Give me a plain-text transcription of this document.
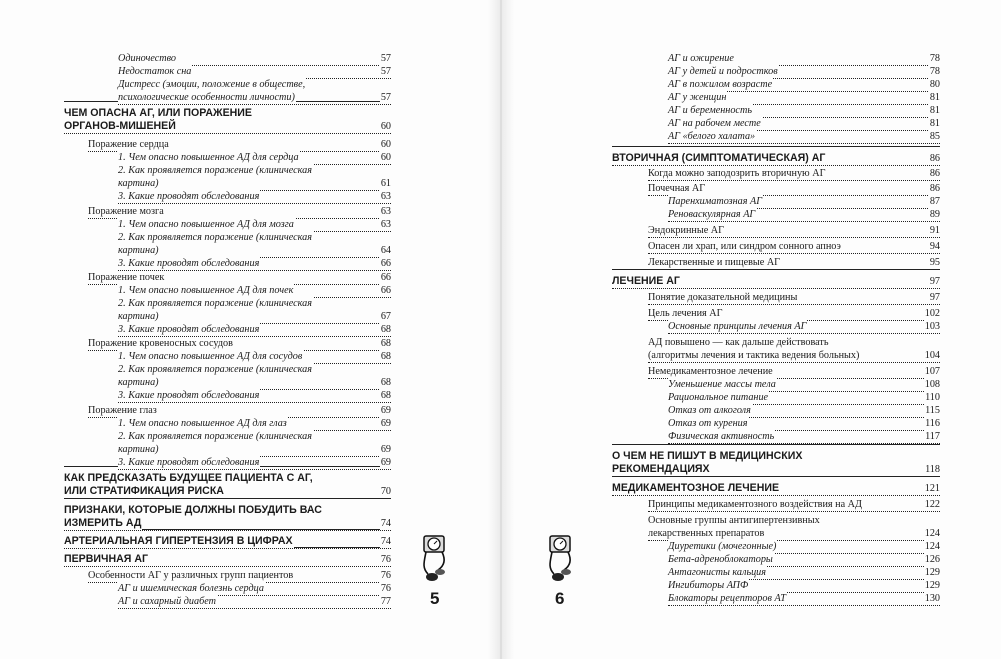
Одиночество	57
Недостаток сна	57
Дистресс (эмоции, положение в обществе,
психологические особенности личности)	57
ЧЕМ ОПАСНА АГ, ИЛИ ПОРАЖЕНИЕ
ОРГАНОВ-МИШЕНЕЙ	60
Поражение сердца	60
1. Чем опасно повышенное АД для сердца	60
2. Как проявляется поражение (клиническая
картина)	61
3. Какие проводят обследования	63
Поражение мозга	63
1. Чем опасно повышенное АД для мозга	63
2. Как проявляется поражение (клиническая
картина)	64
3. Какие проводят обследования	66
Поражение почек	66
1. Чем опасно повышенное АД для почек	66
2. Как проявляется поражение (клиническая
картина)	67
3. Какие проводят обследования	68
Поражение кровеносных сосудов	68
1. Чем опасно повышенное АД для сосудов	68
2. Как проявляется поражение (клиническая
картина)	68
3. Какие проводят обследования	68
Поражение глаз	69
1. Чем опасно повышенное АД для глаз	69
2. Как проявляется поражение (клиническая
картина)	69
3. Какие проводят обследования	69
КАК ПРЕДСКАЗАТЬ БУДУЩЕЕ ПАЦИЕНТА С АГ,
ИЛИ СТРАТИФИКАЦИЯ РИСКА	70
ПРИЗНАКИ, КОТОРЫЕ ДОЛЖНЫ ПОБУДИТЬ ВАС
ИЗМЕРИТЬ АД	74
АРТЕРИАЛЬНАЯ ГИПЕРТЕНЗИЯ В ЦИФРАХ	74
ПЕРВИЧНАЯ АГ	76
Особенности АГ у различных групп пациентов	76
АГ и ишемическая болезнь сердца	76
АГ и сахарный диабет	77 5
АГ и ожирение	78
АГ у детей и подростков	78
АГ в пожилом возрасте	80
АГ у женщин	81
АГ и беременность	81
АГ на рабочем месте	81
АГ «белого халата»	85
ВТОРИЧНАЯ (СИМПТОМАТИЧЕСКАЯ) АГ	86
Когда можно заподозрить вторичную АГ	86
Почечная АГ	86
Паренхиматозная АГ	87
Реноваскулярная АГ	89
Эндокринные АГ	91
Опасен ли храп, или синдром сонного апноэ	94
Лекарственные и пищевые АГ	95
ЛЕЧЕНИЕ АГ	97
Понятие доказательной медицины	97
Цель лечения АГ	102
Основные принципы лечения АГ	103
АД повышено — как дальше действовать
(алгоритмы лечения и тактика ведения больных)	104
Немедикаментозное лечение	107
Уменьшение массы тела	108
Рациональное питание	110
Отказ от алкоголя	115
Отказ от курения	116
Физическая активность	117
О ЧЕМ НЕ ПИШУТ В МЕДИЦИНСКИХ
РЕКОМЕНДАЦИЯХ	118
МЕДИКАМЕНТОЗНОЕ ЛЕЧЕНИЕ	121
Принципы медикаментозного воздействия на АД	122
Основные группы антигипертензивных
лекарственных препаратов	124
Диуретики (мочегонные)	124
Бета-адреноблокаторы	126
Антагонисты кальция	129
Ингибиторы АПФ	129
Блокаторы рецепторов АТ	130
6
